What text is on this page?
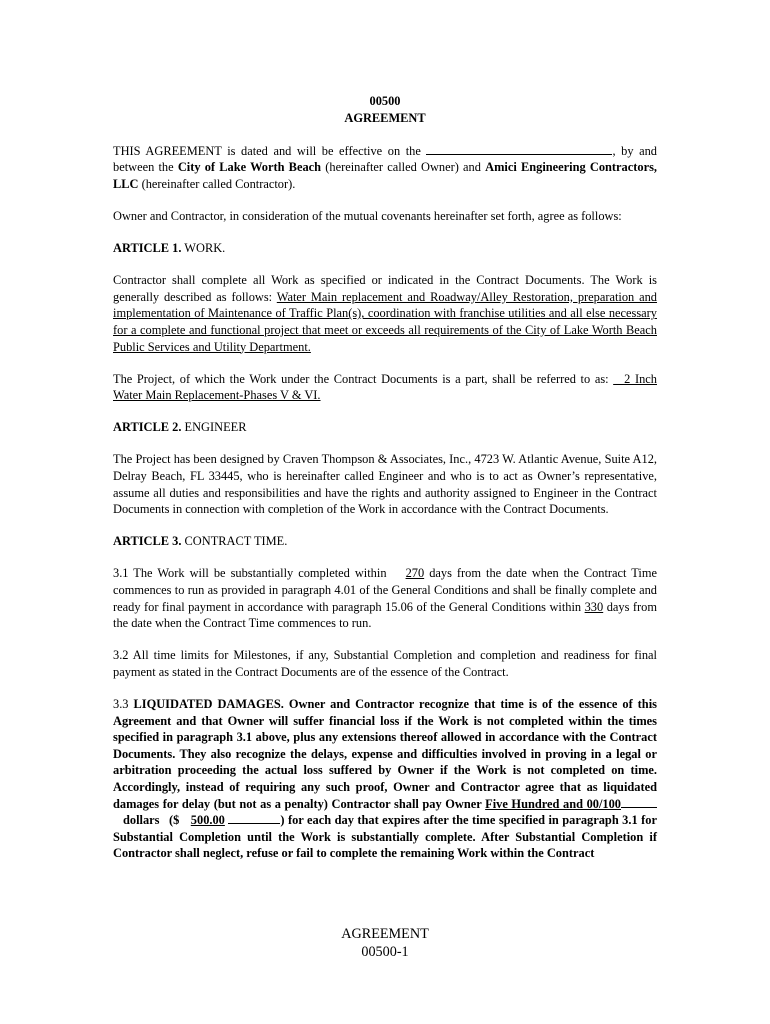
00500

AGREEMENT

THIS AGREEMENT is dated and will be effective on the	, by and between the City of Lake Worth Beach (hereinafter called Owner) and Amici Engineering Contractors, LLC (hereinafter called Contractor).

Owner and Contractor, in consideration of the mutual covenants hereinafter set forth, agree as follows:

ARTICLE 1. WORK.

Contractor shall complete all Work as specified or indicated in the Contract Documents. The Work is generally described as follows: Water Main replacement and Roadway/Alley Restoration, preparation and implementation of Maintenance of Traffic Plan(s), coordination with franchise utilities and all else necessary for a complete and functional project that meet or exceeds all requirements of the City of Lake Worth Beach Public Services and Utility Department.

The Project, of which the Work under the Contract Documents is a part, shall be referred to as: _ 2 Inch Water Main Replacement-Phases V & VI.

ARTICLE 2. ENGINEER

The Project has been designed by Craven Thompson & Associates, Inc., 4723 W. Atlantic Avenue, Suite A12, Delray Beach, FL 33445, who is hereinafter called Engineer and who is to act as Owner’s representative, assume all duties and responsibilities and have the rights and authority assigned to Engineer in the Contract Documents in connection with completion of the Work in accordance with the Contract Documents.

ARTICLE 3. CONTRACT TIME.

3.1 The Work will be substantially completed within 270 days from the date when the Contract Time commences to run as provided in paragraph 4.01 of the General Conditions and shall be finally complete and ready for final payment in accordance with paragraph 15.06 of the General Conditions within 330 days from the date when the Contract Time commences to run.

3.2 All time limits for Milestones, if any, Substantial Completion and completion and readiness for final payment as stated in the Contract Documents are of the essence of the Contract.

3.3 LIQUIDATED DAMAGES. Owner and Contractor recognize that time is of the essence of this Agreement and that Owner will suffer financial loss if the Work is not completed within the times specified in paragraph 3.1 above, plus any extensions thereof allowed in accordance with the Contract Documents. They also recognize the delays, expense and difficulties involved in proving in a legal or arbitration proceeding the actual loss suffered by Owner if the Work is not completed on time. Accordingly, instead of requiring any such proof, Owner and Contractor agree that as liquidated damages for delay (but not as a penalty) Contractor shall pay Owner Five Hundred and 00/100 dollars ($ 500.00	) for each day that expires after the time specified in paragraph 3.1 for Substantial Completion until the Work is substantially complete. After Substantial Completion if Contractor shall neglect, refuse or fail to complete the remaining Work within the Contract

AGREEMENT
00500-1
